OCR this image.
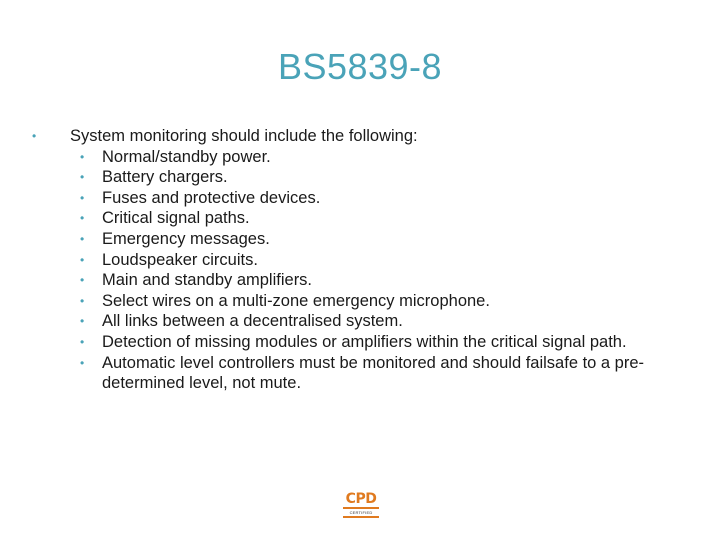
BS5839-8
• System monitoring should include the following:
• Normal/standby power.
• Battery chargers.
• Fuses and protective devices.
• Critical signal paths.
• Emergency messages.
• Loudspeaker circuits.
• Main and standby amplifiers.
• Select wires on a multi-zone emergency microphone.
• All links between a decentralised system.
• Detection of missing modules or amplifiers within the critical signal path.
• Automatic level controllers must be monitored and should failsafe to a pre-determined level, not mute.
CPD
CERTIFIED
